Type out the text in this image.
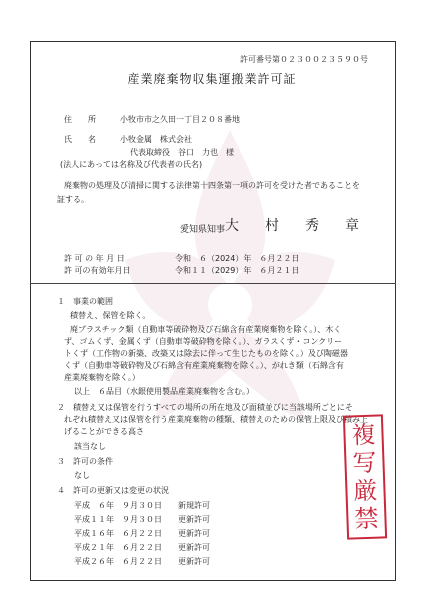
許可番号第０２３００２３５９０号
産業廃棄物収集運搬業許可証
住　　所	小牧市市之久田一丁目２０８番地
氏　　名	小牧金属　株式会社
代表取締役　谷口　力也　様
(法人にあっては名称及び代表者の氏名)
廃棄物の処理及び清掃に関する法律第十四条第一項の許可を受けた者であることを
証する。
愛知県知事 大　村　秀　章
許 可 の 年 月 日	令和　６（2024）年　６月２２日
許 可の有効年月日	令和１１（2029）年　６月２１日
１　事業の範囲
積替え、保管を除く。
廃プラスチック類（自動車等破砕物及び石綿含有産業廃棄物を除く。）、木く
ず、ゴムくず、金属くず（自動車等破砕物を除く。）、ガラスくず・コンクリー
トくず（工作物の新築、改築又は除去に伴って生じたものを除く。）及び陶磁器
くず（自動車等破砕物及び石綿含有産業廃棄物を除く。）、がれき類（石綿含有
産業廃棄物を除く。）
以上　６品目（水銀使用製品産業廃棄物を含む。）
２　積替え又は保管を行うすべての場所の所在地及び面積並びに当該場所ごとにそ
れぞれ積替え又は保管を行う産業廃棄物の種類、積替えのための保管上限及び積み上
げることができる高さ
該当なし
３　許可の条件
なし
４　許可の更新又は変更の状況
平成　６年　９月３０日 新規許可
平成１１年　９月３０日 更新許可
平成１６年　６月２２日 更新許可
平成２１年　６月２２日 更新許可
平成２６年　６月２２日 更新許可
複
写
厳
禁
